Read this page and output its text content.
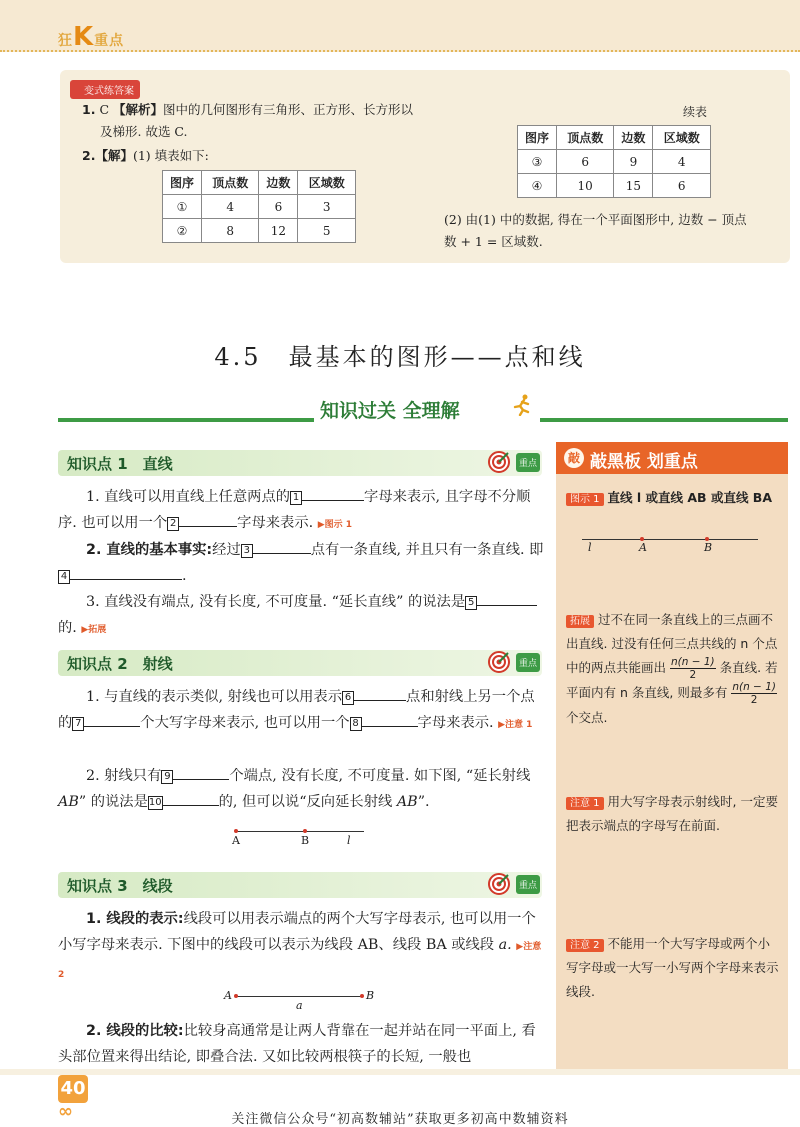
狂K重点
变式练答案
1. C 【解析】图中的几何图形有三角形、正方形、长方形以
及梯形. 故选 C.
2.【解】(1) 填表如下:
图序	顶点数	边数	区域数
①	4	6	3
②	8	12	5
图序	顶点数	边数	区域数
③	6	9	4
④	10	15	6
(2) 由(1) 中的数据, 得在一个平面图形中, 边数 − 顶点
数 + 1 = 区域数.
续表
4.5　 最基本的图形——点和线
知识过关 全理解
知识点 1　直线	重点
1. 直线可以用直线上任意两点的 1	字母来表示, 且字母不分顺序. 也可以用一个 2	字母来表示. ▶图示 1
2. 直线的基本事实:经过 3	点有一条直线, 并且只有一条直线. 即4	.
3. 直线没有端点, 没有长度, 不可度量. “延长直线” 的说法是 5的. ▶拓展
知识点 2　射线	重点
1. 与直线的表示类似, 射线也可以用表示 6	点和射线上另一个点的 7	个大写字母来表示, 也可以用一个 8	字母来表示. ▶注意 1
2. 射线只有 9	个端点, 没有长度, 不可度量. 如下图, “延长射线 AB” 的说法是10	的, 但可以说“反向延长射线 AB”.
A	B	l
知识点 3　线段	重点
1. 线段的表示:线段可以用表示端点的两个大写字母表示, 也可以用一个小写字母来表示. 下图中的线段可以表示为线段 AB、线段 BA 或线段 a. ▶注意 2
A	B
a
2. 线段的比较:比较身高通常是让两人背靠在一起并站在同一平面上, 看头部位置来得出结论, 即叠合法. 又如比较两根筷子的长短, 一般也
敲 敲黑板 划重点
图示 1 直线 l 或直线 AB 或直线 BA
l	A	B
拓展 过不在同一条直线上的三点画不出直线. 过没有任何三点共线的 n 个点中的两点共能画出 $\frac{n(n - 1)}{2}$ 条直线. 若平面内有 n 条直线, 则最多有 $\frac{n(n - 1)}{2}$
个交点.
注意 1 用大写字母表示射线时, 一定要把表示端点的字母写在前面.
注意 2 不能用一个大写字母或两个小写字母或一大写一小写两个字母来表示线段.
40
∞	关注微信公众号“初高数辅站”获取更多初高中数辅资料
